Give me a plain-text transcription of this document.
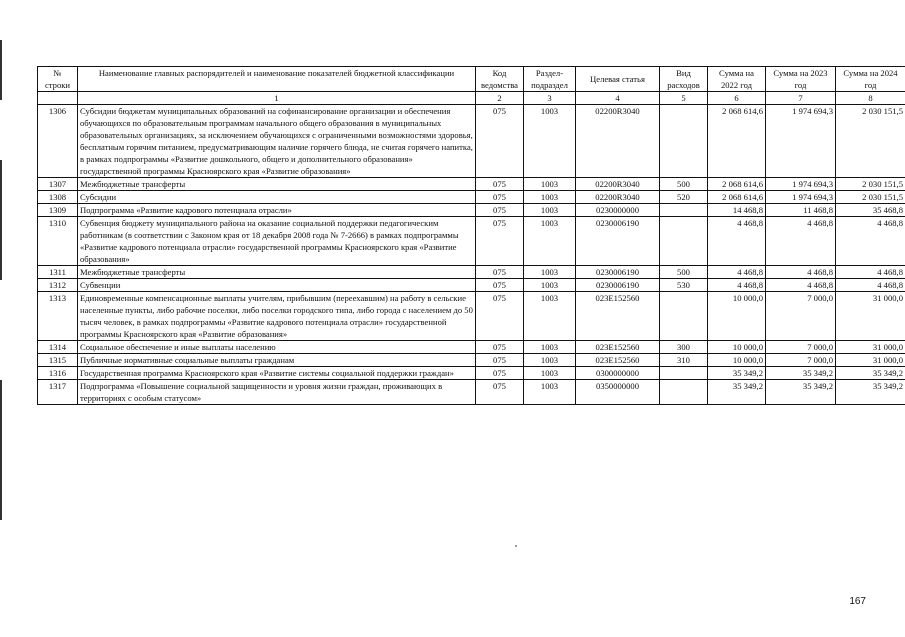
№ строки	Наименование главных распорядителей и наименование показателей бюджетной классификации	Код ведомства	Раздел-подраздел	Целевая статья	Вид расходов	Сумма на 2022 год	Сумма на 2023 год	Сумма на 2024 год
	1	2	3	4	5	6	7	8
1306	Субсидии бюджетам муниципальных образований на софинансирование организации и обеспечения обучающихся по образовательным программам начального общего образования в муниципальных образовательных организациях, за исключением обучающихся с ограниченными возможностями здоровья, бесплатным горячим питанием, предусматривающим наличие горячего блюда, не считая горячего напитка, в рамках подпрограммы «Развитие дошкольного, общего и дополнительного образования» государственной программы Красноярского края «Развитие образования»	075	1003	02200R3040		2 068 614,6	1 974 694,3	2 030 151,5
1307	Межбюджетные трансферты	075	1003	02200R3040	500	2 068 614,6	1 974 694,3	2 030 151,5
1308	Субсидии	075	1003	02200R3040	520	2 068 614,6	1 974 694,3	2 030 151,5
1309	Подпрограмма «Развитие кадрового потенциала отрасли»	075	1003	0230000000		14 468,8	11 468,8	35 468,8
1310	Субвенция бюджету муниципального района на оказание социальной поддержки педагогическим работникам (в соответствии с Законом края от 18 декабря 2008 года № 7-2666) в рамках подпрограммы «Развитие кадрового потенциала отрасли» государственной программы Красноярского края «Развитие образования»	075	1003	0230006190		4 468,8	4 468,8	4 468,8
1311	Межбюджетные трансферты	075	1003	0230006190	500	4 468,8	4 468,8	4 468,8
1312	Субвенции	075	1003	0230006190	530	4 468,8	4 468,8	4 468,8
1313	Единовременные компенсационные выплаты учителям, прибывшим (переехавшим) на работу в сельские населенные пункты, либо рабочие поселки, либо поселки городского типа, либо города с населением до 50 тысяч человек, в рамках подпрограммы «Развитие кадрового потенциала отрасли» государственной программы Красноярского края «Развитие образования»	075	1003	023E152560		10 000,0	7 000,0	31 000,0
1314	Социальное обеспечение и иные выплаты населению	075	1003	023E152560	300	10 000,0	7 000,0	31 000,0
1315	Публичные нормативные социальные выплаты гражданам	075	1003	023E152560	310	10 000,0	7 000,0	31 000,0
1316	Государственная программа Красноярского края «Развитие системы социальной поддержки граждан»	075	1003	0300000000		35 349,2	35 349,2	35 349,2
1317	Подпрограмма «Повышение социальной защищенности и уровня жизни граждан, проживающих в территориях с особым статусом»	075	1003	0350000000		35 349,2	35 349,2	35 349,2
167
